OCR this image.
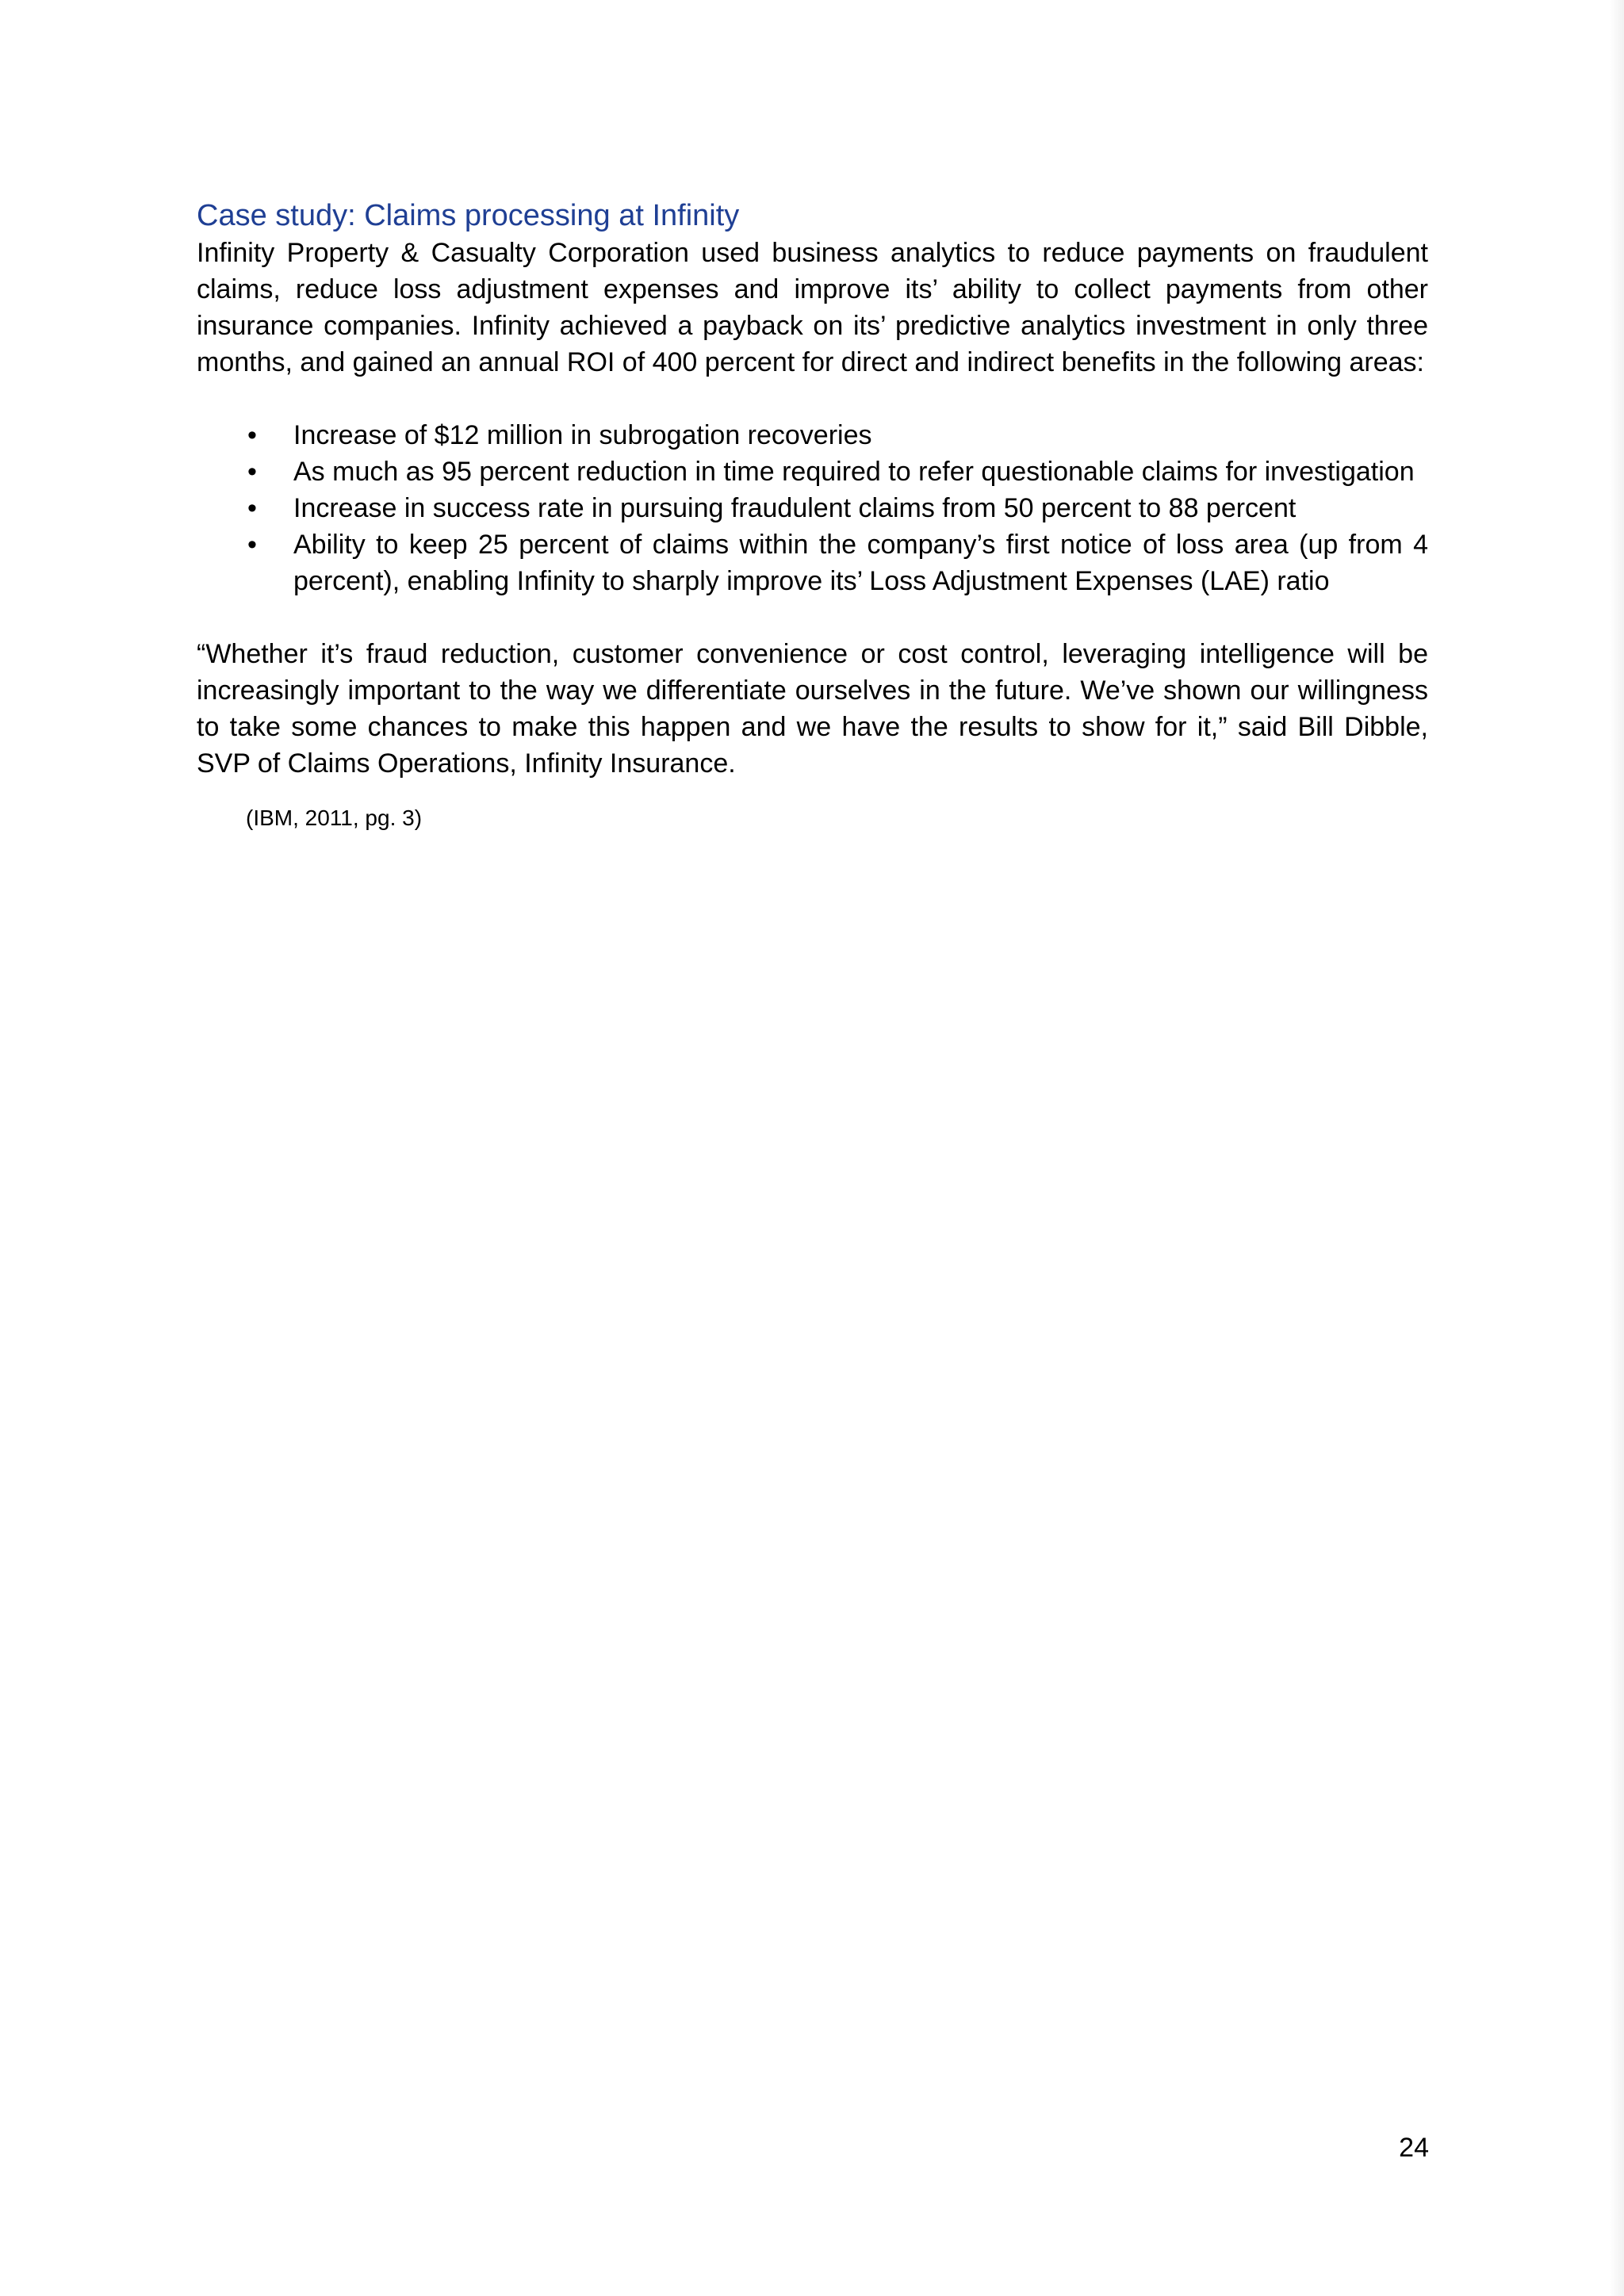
Case study: Claims processing at Infinity

Infinity Property & Casualty Corporation used business analytics to reduce payments on fraudulent claims, reduce loss adjustment expenses and improve its’ ability to collect payments from other insurance companies. Infinity achieved a payback on its’ predictive analytics investment in only three months, and gained an annual ROI of 400 percent for direct and indirect benefits in the following areas:

• Increase of $12 million in subrogation recoveries
• As much as 95 percent reduction in time required to refer questionable claims for investigation
• Increase in success rate in pursuing fraudulent claims from 50 percent to 88 percent
• Ability to keep 25 percent of claims within the company’s first notice of loss area (up from 4 percent), enabling Infinity to sharply improve its’ Loss Adjustment Expenses (LAE) ratio

“Whether it’s fraud reduction, customer convenience or cost control, leveraging intelligence will be increasingly important to the way we differentiate ourselves in the future. We’ve shown our willingness to take some chances to make this happen and we have the results to show for it,” said Bill Dibble, SVP of Claims Operations, Infinity Insurance.

(IBM, 2011, pg. 3)

24
